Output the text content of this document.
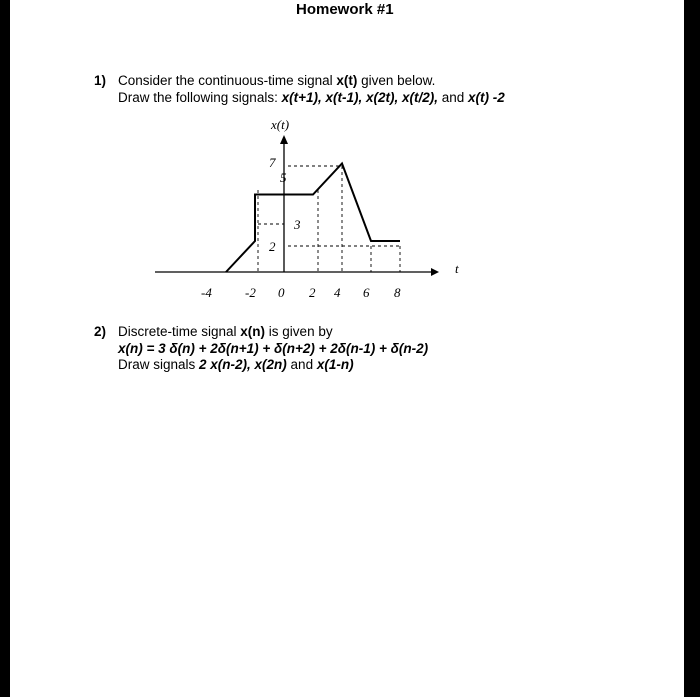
Homework #1
1) Consider the continuous-time signal x(t) given below.
Draw the following signals: x(t+1), x(t-1), x(2t), x(t/2), and x(t) -2
x(t)
t
7
5
3
2
-4	-2 0 2 4 6 8
2) Discrete-time signal x(n) is given by
x(n) = 3 δ(n) + 2δ(n+1) + δ(n+2) + 2δ(n-1) + δ(n-2)
Draw signals 2 x(n-2), x(2n) and x(1-n)
